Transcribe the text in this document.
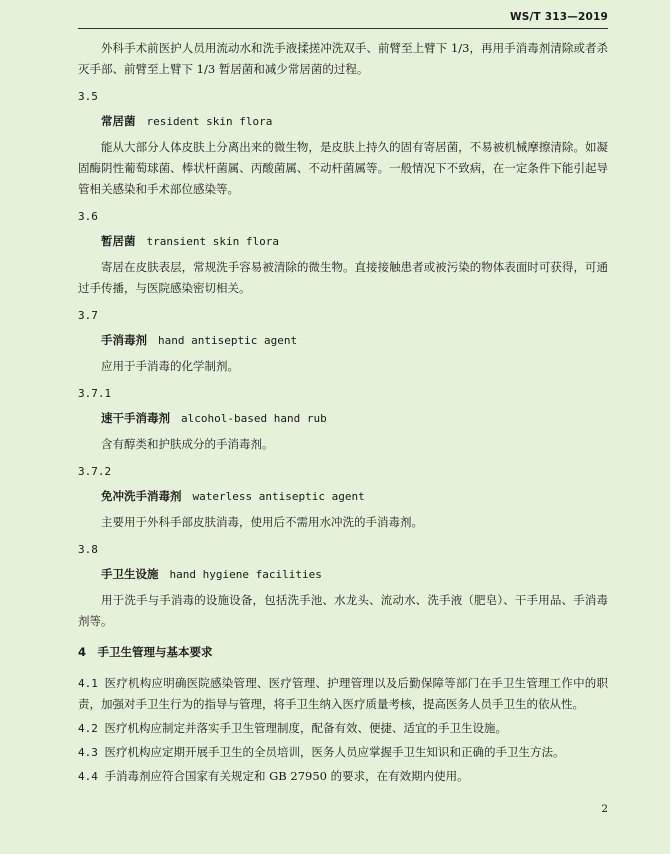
WS/T 313—2019

外科手术前医护人员用流动水和洗手液揉搓冲洗双手、前臂至上臂下 1/3，再用手消毒剂清除或者杀灭手部、前臂至上臂下 1/3 暂居菌和减少常居菌的过程。

3.5
常居菌 resident skin flora

能从大部分人体皮肤上分离出来的微生物，是皮肤上持久的固有寄居菌，不易被机械摩擦清除。如凝固酶阴性葡萄球菌、棒状杆菌属、丙酸菌属、不动杆菌属等。一般情况下不致病，在一定条件下能引起导管相关感染和手术部位感染等。

3.6
暂居菌 transient skin flora

寄居在皮肤表层，常规洗手容易被清除的微生物。直接接触患者或被污染的物体表面时可获得，可通过手传播，与医院感染密切相关。

3.7
手消毒剂 hand antiseptic agent

应用于手消毒的化学制剂。

3.7.1
速干手消毒剂 alcohol-based hand rub

含有醇类和护肤成分的手消毒剂。

3.7.2
免冲洗手消毒剂 waterless antiseptic agent

主要用于外科手部皮肤消毒，使用后不需用水冲洗的手消毒剂。

3.8
手卫生设施 hand hygiene facilities

用于洗手与手消毒的设施设备，包括洗手池、水龙头、流动水、洗手液（肥皂）、干手用品、手消毒剂等。

4 手卫生管理与基本要求

4.1 医疗机构应明确医院感染管理、医疗管理、护理管理以及后勤保障等部门在手卫生管理工作中的职责，加强对手卫生行为的指导与管理，将手卫生纳入医疗质量考核，提高医务人员手卫生的依从性。

4.2 医疗机构应制定并落实手卫生管理制度，配备有效、便捷、适宜的手卫生设施。

4.3 医疗机构应定期开展手卫生的全员培训，医务人员应掌握手卫生知识和正确的手卫生方法。

4.4 手消毒剂应符合国家有关规定和 GB 27950 的要求，在有效期内使用。

2
